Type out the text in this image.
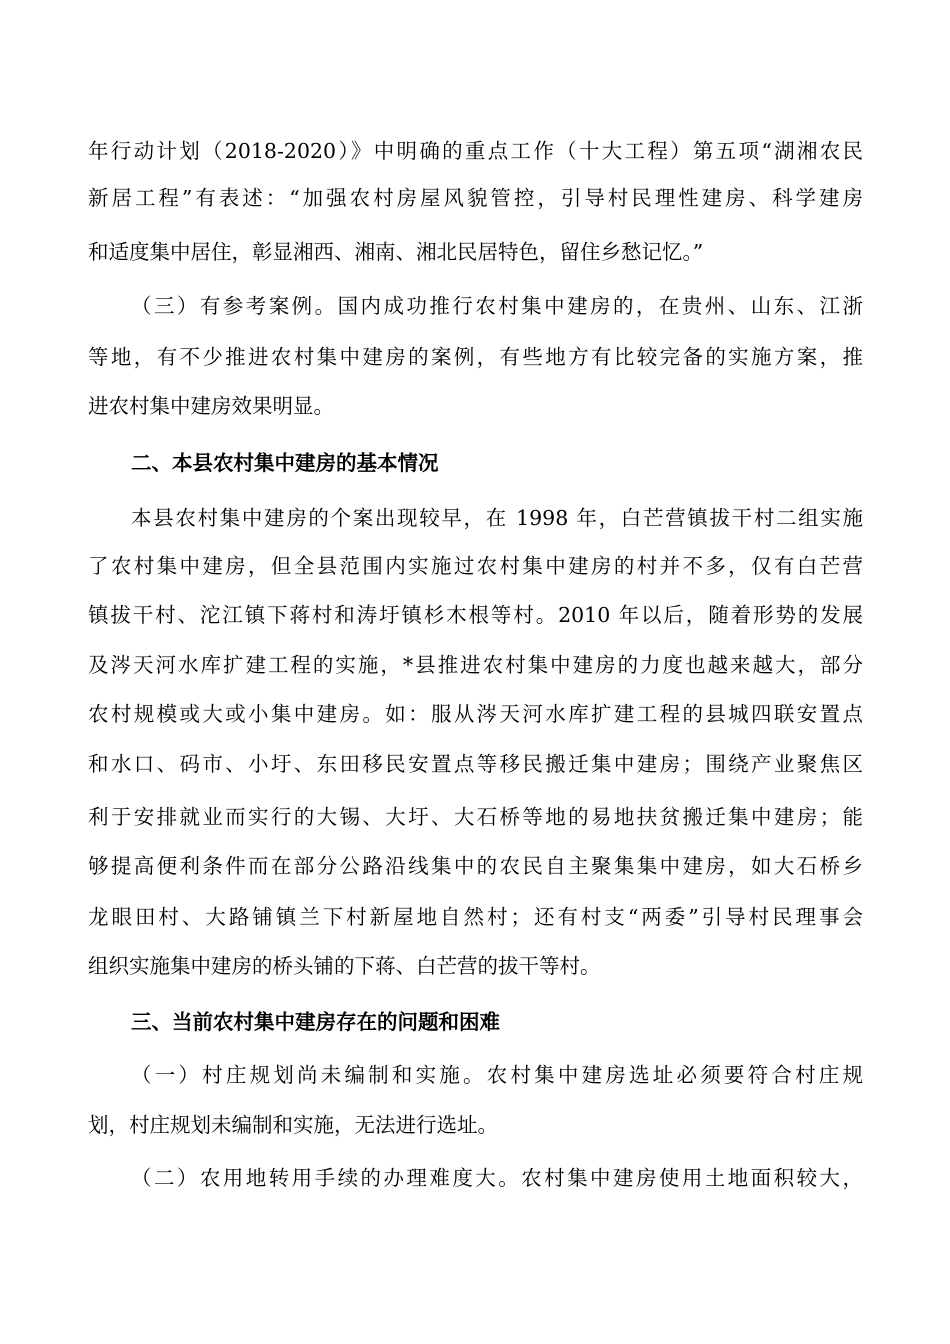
年行动计划（2018-2020）》中明确的重点工作（十大工程）第五项“湖湘农民
新居工程”有表述：“加强农村房屋风貌管控，引导村民理性建房、科学建房
和适度集中居住，彰显湘西、湘南、湘北民居特色，留住乡愁记忆。”
（三）有参考案例。国内成功推行农村集中建房的，在贵州、山东、江浙
等地，有不少推进农村集中建房的案例，有些地方有比较完备的实施方案，推
进农村集中建房效果明显。
二、本县农村集中建房的基本情况
本县农村集中建房的个案出现较早，在 1998 年，白芒营镇拔干村二组实施
了农村集中建房，但全县范围内实施过农村集中建房的村并不多，仅有白芒营
镇拔干村、沱江镇下蒋村和涛圩镇杉木根等村。2010 年以后，随着形势的发展
及涔天河水库扩建工程的实施，*县推进农村集中建房的力度也越来越大，部分
农村规模或大或小集中建房。如：服从涔天河水库扩建工程的县城四联安置点
和水口、码市、小圩、东田移民安置点等移民搬迁集中建房；围绕产业聚焦区
利于安排就业而实行的大锡、大圩、大石桥等地的易地扶贫搬迁集中建房；能
够提高便利条件而在部分公路沿线集中的农民自主聚集集中建房，如大石桥乡
龙眼田村、大路铺镇兰下村新屋地自然村；还有村支“两委”引导村民理事会
组织实施集中建房的桥头铺的下蒋、白芒营的拔干等村。
三、当前农村集中建房存在的问题和困难
（一）村庄规划尚未编制和实施。农村集中建房选址必须要符合村庄规
划，村庄规划未编制和实施，无法进行选址。
（二）农用地转用手续的办理难度大。农村集中建房使用土地面积较大，
